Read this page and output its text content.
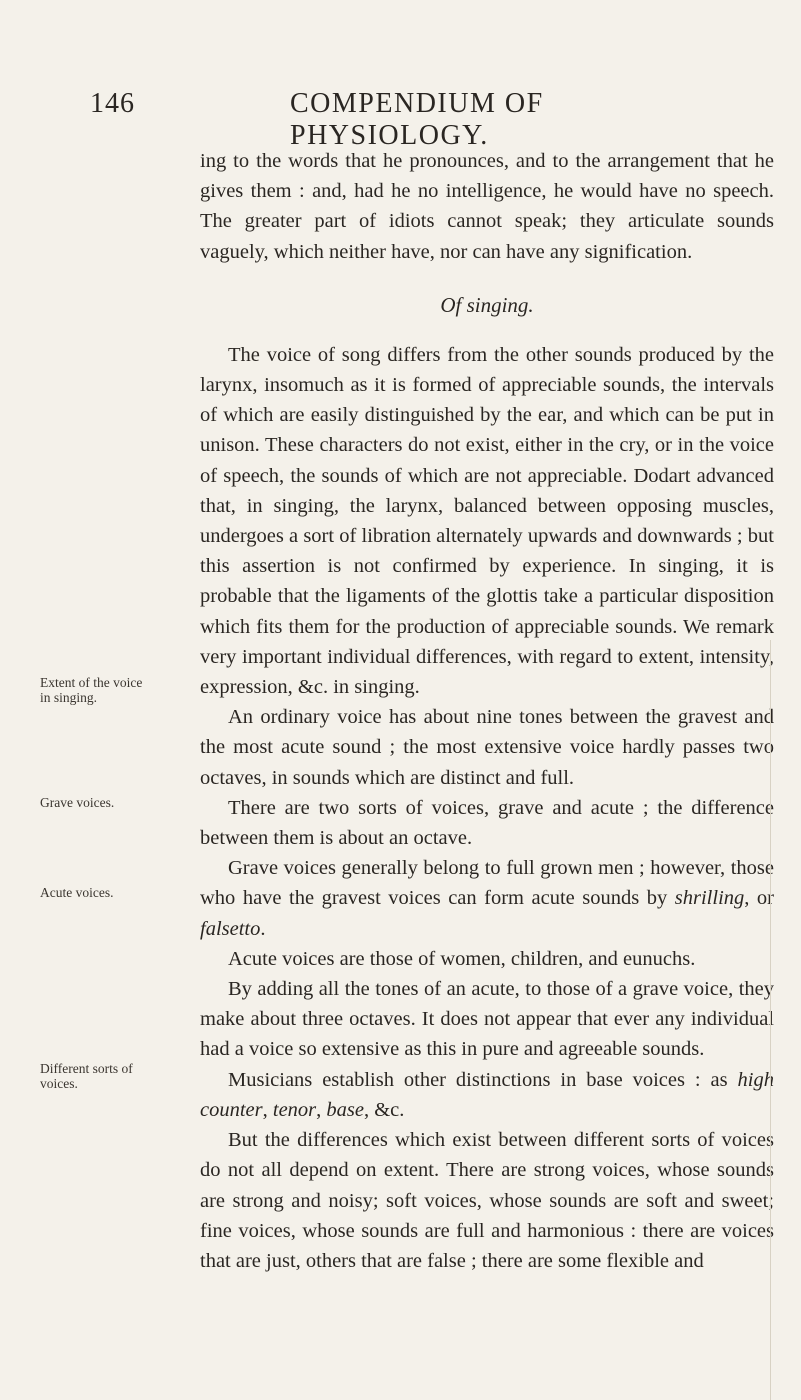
146	COMPENDIUM OF PHYSIOLOGY.

ing to the words that he pronounces, and to the arrangement that he gives them : and, had he no intelligence, he would have no speech. The greater part of idiots cannot speak; they articulate sounds vaguely, which neither have, nor can have any signification.

Of singing.

The voice of song differs from the other sounds produced by the larynx, insomuch as it is formed of appreciable sounds, the intervals of which are easily distinguished by the ear, and which can be put in unison. These characters do not exist, either in the cry, or in the voice of speech, the sounds of which are not appreciable. Dodart advanced that, in singing, the larynx, balanced between opposing muscles, undergoes a sort of libration alternately upwards and downwards ; but this assertion is not confirmed by experience. In singing, it is probable that the ligaments of the glottis take a particular disposition which fits them for the production of appreciable sounds. We remark very important individual differences, with regard to extent, intensity, expression, &c. in singing.

An ordinary voice has about nine tones between the gravest and the most acute sound ; the most extensive voice hardly passes two octaves, in sounds which are distinct and full.

There are two sorts of voices, grave and acute ; the difference between them is about an octave.

Grave voices generally belong to full grown men ; however, those who have the gravest voices can form acute sounds by shrilling, or falsetto.

Acute voices are those of women, children, and eunuchs.

By adding all the tones of an acute, to those of a grave voice, they make about three octaves. It does not appear that ever any individual had a voice so extensive as this in pure and agreeable sounds.

Musicians establish other distinctions in base voices : as high counter, tenor, base, &c.

But the differences which exist between different sorts of voices do not all depend on extent. There are strong voices, whose sounds are strong and noisy; soft voices, whose sounds are soft and sweet; fine voices, whose sounds are full and harmonious : there are voices that are just, others that are false ; there are some flexible and

Extent of the voice in singing.
Grave voices.
Acute voices.
Different sorts of voices.
